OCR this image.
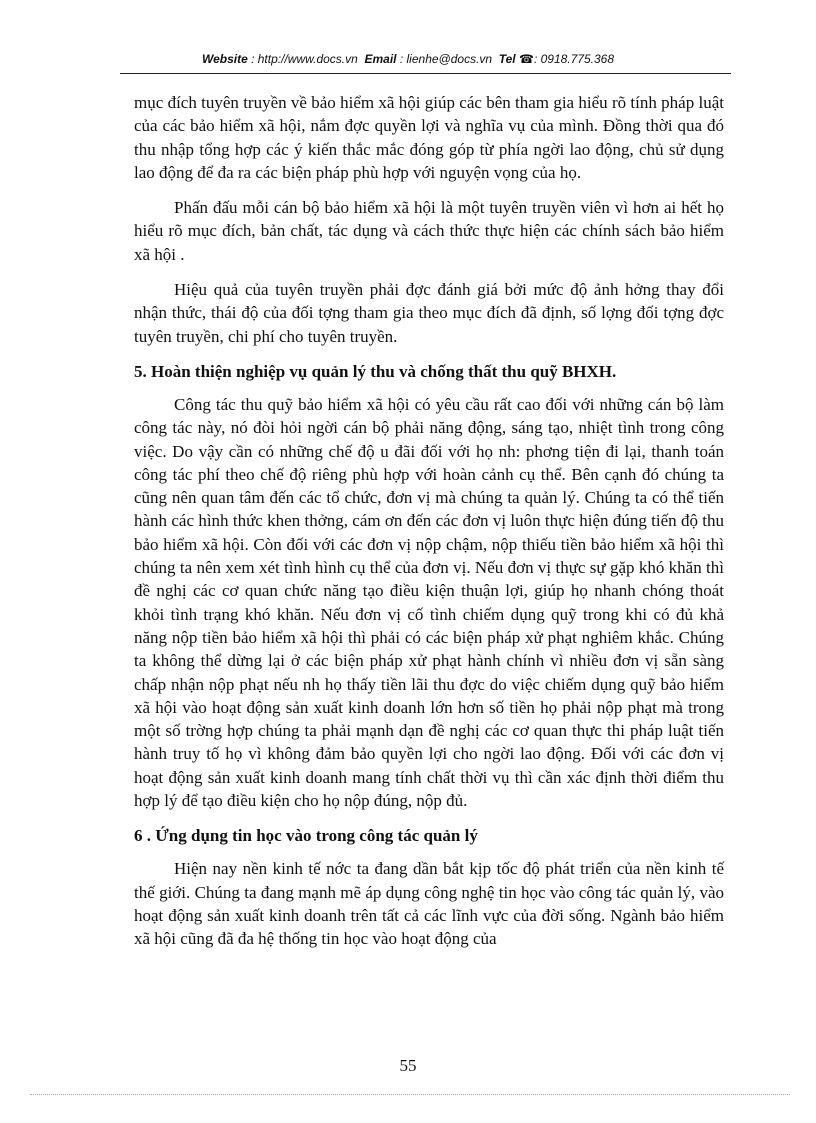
Website : http://www.docs.vn Email : lienhe@docs.vn Tel ☎: 0918.775.368

mục đích tuyên truyền về bảo hiểm xã hội giúp các bên tham gia hiểu rõ tính pháp luật của các bảo hiểm xã hội, nắm đợc quyền lợi và nghĩa vụ của mình. Đồng thời qua đó thu nhập tổng hợp các ý kiến thắc mắc đóng góp từ phía ngời lao động, chủ sử dụng lao động để đa ra các biện pháp phù hợp với nguyện vọng của họ.

Phấn đấu mỗi cán bộ bảo hiểm xã hội là một tuyên truyền viên vì hơn ai hết họ hiểu rõ mục đích, bản chất, tác dụng và cách thức thực hiện các chính sách bảo hiểm xã hội .

Hiệu quả của tuyên truyền phải đợc đánh giá bởi mức độ ảnh hởng thay đổi nhận thức, thái độ của đối tợng tham gia theo mục đích đã định, số lợng đối tợng đợc tuyên truyền, chi phí cho tuyên truyền.

5. Hoàn thiện nghiệp vụ quản lý thu và chống thất thu quỹ BHXH.

Công tác thu quỹ bảo hiểm xã hội có yêu cầu rất cao đối với những cán bộ làm công tác này, nó đòi hỏi ngời cán bộ phải năng động, sáng tạo, nhiệt tình trong công việc. Do vậy cần có những chế độ u đãi đối với họ nh: phơng tiện đi lại, thanh toán công tác phí theo chế độ riêng phù hợp với hoàn cảnh cụ thể. Bên cạnh đó chúng ta cũng nên quan tâm đến các tổ chức, đơn vị mà chúng ta quản lý. Chúng ta có thể tiến hành các hình thức khen thởng, cám ơn đến các đơn vị luôn thực hiện đúng tiến độ thu bảo hiểm xã hội. Còn đối với các đơn vị nộp chậm, nộp thiếu tiền bảo hiểm xã hội thì chúng ta nên xem xét tình hình cụ thể của đơn vị. Nếu đơn vị thực sự gặp khó khăn thì đề nghị các cơ quan chức năng tạo điều kiện thuận lợi, giúp họ nhanh chóng thoát khỏi tình trạng khó khăn. Nếu đơn vị cố tình chiếm dụng quỹ trong khi có đủ khả năng nộp tiền bảo hiểm xã hội thì phải có các biện pháp xử phạt nghiêm khắc. Chúng ta không thể dừng lại ở các biện pháp xử phạt hành chính vì nhiều đơn vị sẵn sàng chấp nhận nộp phạt nếu nh họ thấy tiền lãi thu đợc do việc chiếm dụng quỹ bảo hiểm xã hội vào hoạt động sản xuất kinh doanh lớn hơn số tiền họ phải nộp phạt mà trong một số trờng hợp chúng ta phải mạnh dạn đề nghị các cơ quan thực thi pháp luật tiến hành truy tố họ vì không đảm bảo quyền lợi cho ngời lao động. Đối với các đơn vị hoạt động sản xuất kinh doanh mang tính chất thời vụ thì cần xác định thời điểm thu hợp lý để tạo điều kiện cho họ nộp đúng, nộp đủ.

6 . Ứng dụng tin học vào trong công tác quản lý

Hiện nay nền kinh tế nớc ta đang dần bắt kịp tốc độ phát triển của nền kinh tế thế giới. Chúng ta đang mạnh mẽ áp dụng công nghệ tin học vào công tác quản lý, vào hoạt động sản xuất kinh doanh trên tất cả các lĩnh vực của đời sống. Ngành bảo hiểm xã hội cũng đã đa hệ thống tin học vào hoạt động của

55
